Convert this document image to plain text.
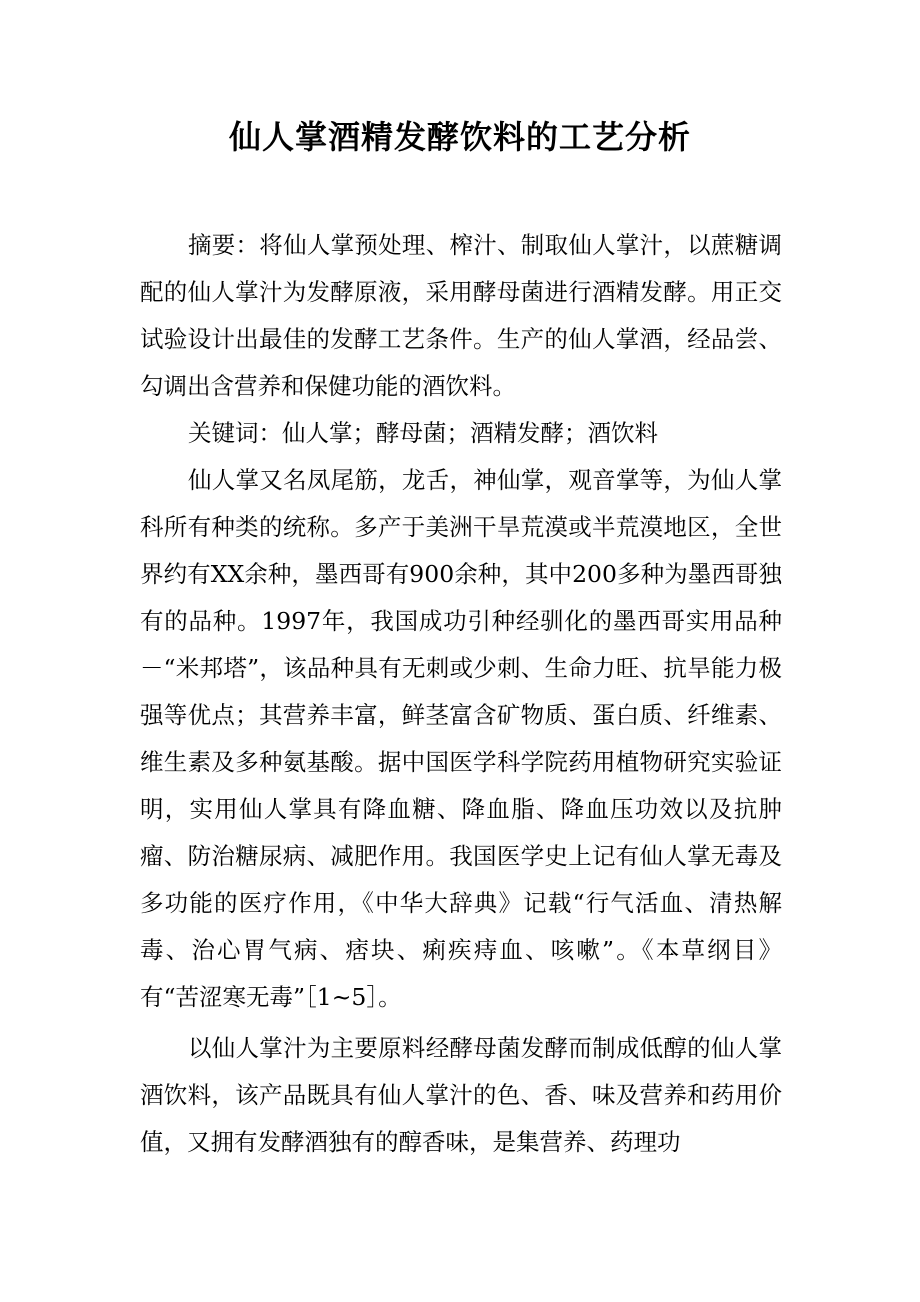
仙人掌酒精发酵饮料的工艺分析

摘要：将仙人掌预处理、榨汁、制取仙人掌汁，以蔗糖调配的仙人掌汁为发酵原液，采用酵母菌进行酒精发酵。用正交试验设计出最佳的发酵工艺条件。生产的仙人掌酒，经品尝、勾调出含营养和保健功能的酒饮料。

关键词：仙人掌；酵母菌；酒精发酵；酒饮料

仙人掌又名凤尾筋，龙舌，神仙掌，观音掌等，为仙人掌科所有种类的统称。多产于美洲干旱荒漠或半荒漠地区，全世界约有XX余种，墨西哥有900余种，其中200多种为墨西哥独有的品种。1997年，我国成功引种经驯化的墨西哥实用品种－“米邦塔”，该品种具有无刺或少刺、生命力旺、抗旱能力极强等优点；其营养丰富，鲜茎富含矿物质、蛋白质、纤维素、维生素及多种氨基酸。据中国医学科学院药用植物研究实验证明，实用仙人掌具有降血糖、降血脂、降血压功效以及抗肿瘤、防治糖尿病、减肥作用。我国医学史上记有仙人掌无毒及多功能的医疗作用，《中华大辞典》记载“行气活血、清热解毒、治心胃气病、痞块、痢疾痔血、咳嗽”。《本草纲目》有“苦涩寒无毒”［1~5］。

以仙人掌汁为主要原料经酵母菌发酵而制成低醇的仙人掌酒饮料，该产品既具有仙人掌汁的色、香、味及营养和药用价值，又拥有发酵酒独有的醇香味，是集营养、药理功
